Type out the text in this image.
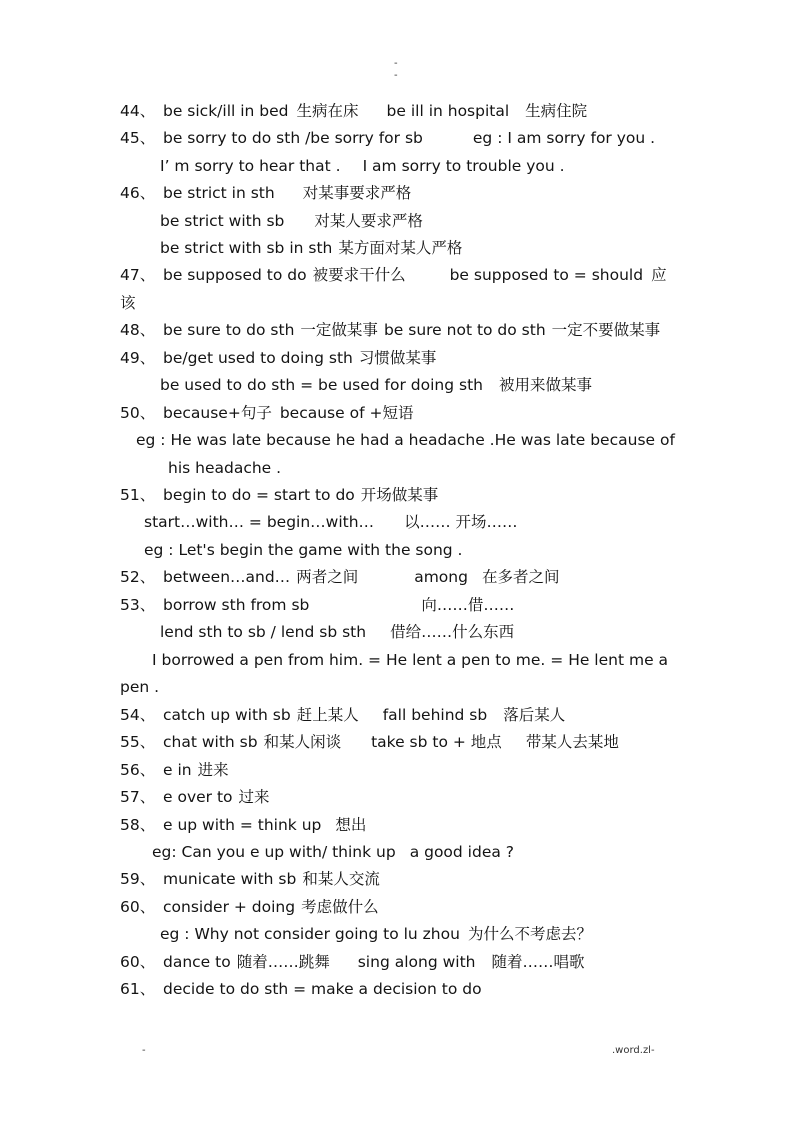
-
-
44、 be sick/ill in bed 生病在床 be ill in hospital 生病住院
45、 be sorry to do sth /be sorry for sb	eg : I am sorry for you .
I’ m sorry to hear that . I am sorry to trouble you .
46、 be strict in sth 对某事要求严格
be strict with sb 对某人要求严格
be strict with sb in sth 某方面对某人严格
47、 be supposed to do 被要求干什么	be supposed to = should 应
该
48、 be sure to do sth 一定做某事 be sure not to do sth 一定不要做某事
49、 be/get used to doing sth 习惯做某事
be used to do sth = be used for doing sth 被用来做某事
50、 because+句子 because of +短语
eg : He was late because he had a headache .He was late because of
his headache .
51、 begin to do = start to do 开场做某事
start…with… = begin…with… 以…… 开场……
eg : Let's begin the game with the song .
52、 between…and… 两者之间	among 在多者之间
53、 borrow sth from sb	向……借……
lend sth to sb / lend sb sth 借给……什么东西
I borrowed a pen from him. = He lent a pen to me. = He lent me a
pen .
54、 catch up with sb 赶上某人 fall behind sb 落后某人
55、 chat with sb 和某人闲谈 take sb to + 地点 带某人去某地
56、 e in 进来
57、 e over to 过来
58、 e up with = think up 想出
eg: Can you e up with/ think up a good idea ?
59、 municate with sb 和某人交流
60、 consider + doing 考虑做什么
eg : Why not consider going to lu zhou 为什么不考虑去？
60、 dance to 随着……跳舞 sing along with 随着……唱歌
61、 decide to do sth = make a decision to do
-	.word.zl-
